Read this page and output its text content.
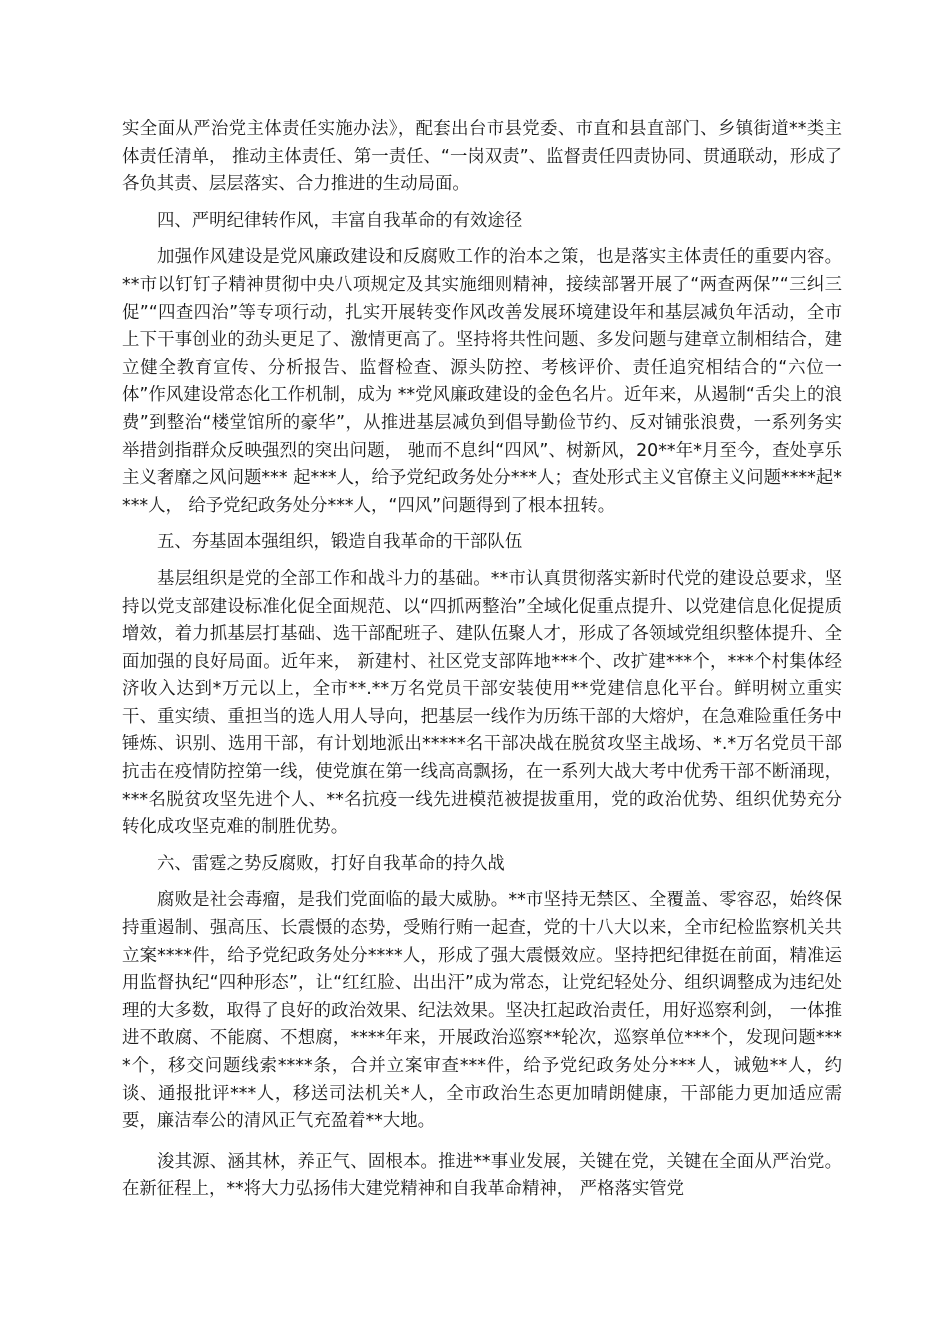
实全面从严治党主体责任实施办法》，配套出台市县党委、市直和县直部门、乡镇街道**类主体责任清单， 推动主体责任、第一责任、“一岗双责”、监督责任四责协同、贯通联动，形成了各负其责、层层落实、合力推进的生动局面。

四、严明纪律转作风，丰富自我革命的有效途径

加强作风建设是党风廉政建设和反腐败工作的治本之策，也是落实主体责任的重要内容。**市以钉钉子精神贯彻中央八项规定及其实施细则精神，接续部署开展了“两查两保”“三纠三促”“四查四治”等专项行动，扎实开展转变作风改善发展环境建设年和基层减负年活动，全市上下干事创业的劲头更足了、激情更高了。坚持将共性问题、多发问题与建章立制相结合，建立健全教育宣传、分析报告、监督检查、源头防控、考核评价、责任追究相结合的“六位一体”作风建设常态化工作机制，成为 **党风廉政建设的金色名片。近年来，从遏制“舌尖上的浪费”到整治“楼堂馆所的豪华”，从推进基层减负到倡导勤俭节约、反对铺张浪费，一系列务实举措剑指群众反映强烈的突出问题， 驰而不息纠“四风”、树新风，20**年*月至今，查处享乐主义奢靡之风问题*** 起***人，给予党纪政务处分***人；查处形式主义官僚主义问题****起****人， 给予党纪政务处分***人，“四风”问题得到了根本扭转。

五、夯基固本强组织，锻造自我革命的干部队伍

基层组织是党的全部工作和战斗力的基础。**市认真贯彻落实新时代党的建设总要求，坚持以党支部建设标准化促全面规范、以“四抓两整治”全域化促重点提升、以党建信息化促提质增效，着力抓基层打基础、选干部配班子、建队伍聚人才，形成了各领域党组织整体提升、全面加强的良好局面。近年来， 新建村、社区党支部阵地***个、改扩建***个，***个村集体经济收入达到*万元以上，全市**.**万名党员干部安装使用**党建信息化平台。鲜明树立重实干、重实绩、重担当的选人用人导向，把基层一线作为历练干部的大熔炉，在急难险重任务中锤炼、识别、选用干部，有计划地派出*****名干部决战在脱贫攻坚主战场、*.*万名党员干部抗击在疫情防控第一线，使党旗在第一线高高飘扬，在一系列大战大考中优秀干部不断涌现，***名脱贫攻坚先进个人、**名抗疫一线先进模范被提拔重用，党的政治优势、组织优势充分转化成攻坚克难的制胜优势。

六、雷霆之势反腐败，打好自我革命的持久战

腐败是社会毒瘤，是我们党面临的最大威胁。**市坚持无禁区、全覆盖、零容忍，始终保持重遏制、强高压、长震慑的态势，受贿行贿一起查，党的十八大以来，全市纪检监察机关共立案****件，给予党纪政务处分****人，形成了强大震慑效应。坚持把纪律挺在前面，精准运用监督执纪“四种形态”，让“红红脸、出出汗”成为常态，让党纪轻处分、组织调整成为违纪处理的大多数，取得了良好的政治效果、纪法效果。坚决扛起政治责任，用好巡察利剑， 一体推进不敢腐、不能腐、不想腐，****年来，开展政治巡察**轮次，巡察单位***个，发现问题****个，移交问题线索****条，合并立案审查***件，给予党纪政务处分***人，诫勉**人，约谈、通报批评***人，移送司法机关*人，全市政治生态更加晴朗健康，干部能力更加适应需要，廉洁奉公的清风正气充盈着**大地。

浚其源、涵其林，养正气、固根本。推进**事业发展，关键在党，关键在全面从严治党。在新征程上，**将大力弘扬伟大建党精神和自我革命精神， 严格落实管党
